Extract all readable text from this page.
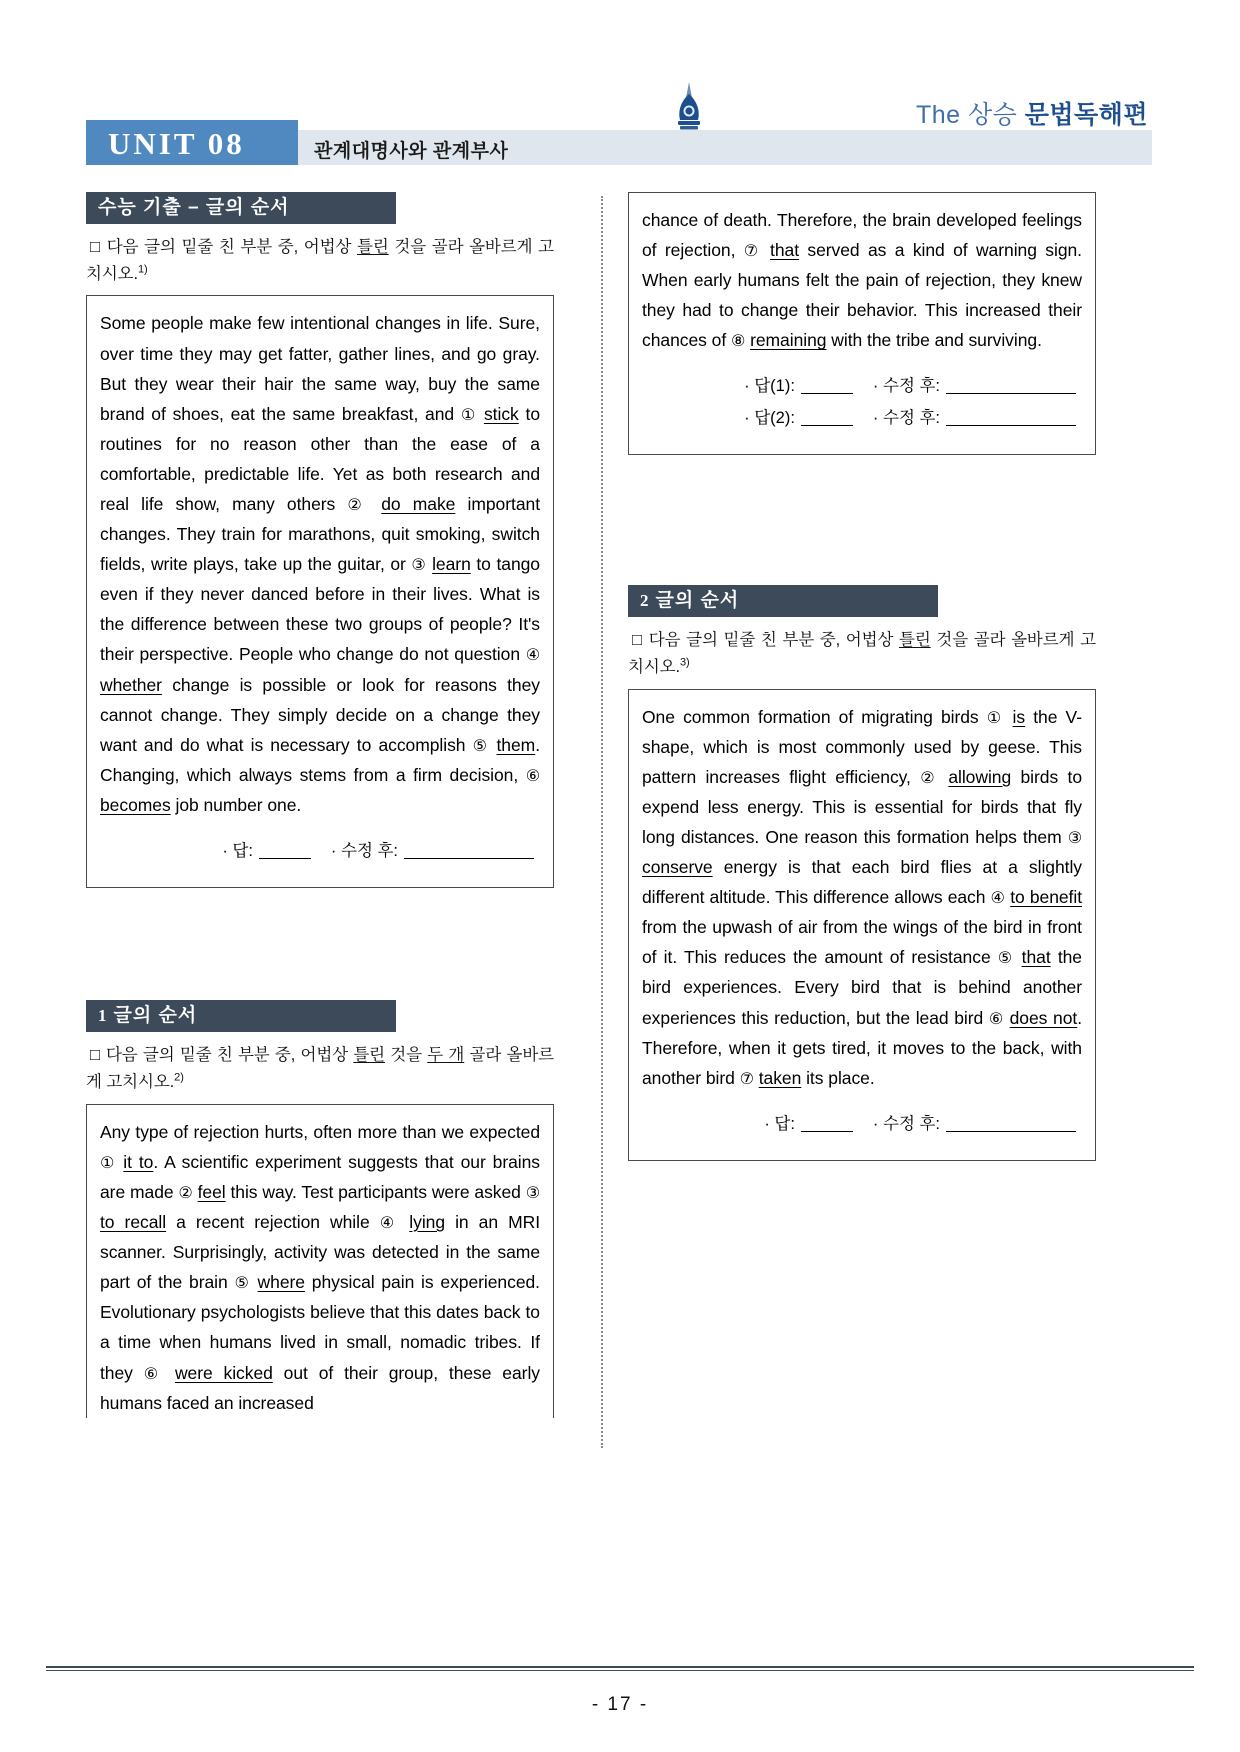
The 상승 문법독해편
UNIT 08	관계대명사와 관계부사
수능 기출 – 글의 순서
□ 다음 글의 밑줄 친 부분 중, 어법상 틀린 것을 골라 올바르게 고치시오.$^{1)}$
Some people make few intentional changes in life. Sure, over time they may get fatter, gather lines, and go gray. But they wear their hair the same way, buy the same brand of shoes, eat the same breakfast, and ① stick to routines for no reason other than the ease of a comfortable, predictable life. Yet as both research and real life show, many others ② do make important changes. They train for marathons, quit smoking, switch fields, write plays, take up the guitar, or ③ learn to tango even if they never danced before in their lives. What is the difference between these two groups of people? It's their perspective. People who change do not question ④ whether change is possible or look for reasons they cannot change. They simply decide on a change they want and do what is necessary to accomplish ⑤ them. Changing, which always stems from a firm decision, ⑥ becomes job number one.
· 답:	· 수정 후:
1 글의 순서
□ 다음 글의 밑줄 친 부분 중, 어법상 틀린 것을 두 개 골라 올바르게 고치시오.$^{2)}$
Any type of rejection hurts, often more than we expected ① it to. A scientific experiment suggests that our brains are made ② feel this way. Test participants were asked ③ to recall a recent rejection while ④ lying in an MRI scanner. Surprisingly, activity was detected in the same part of the brain ⑤ where physical pain is experienced. Evolutionary psychologists believe that this dates back to a time when humans lived in small, nomadic tribes. If they ⑥ were kicked out of their group, these early humans faced an increased
chance of death. Therefore, the brain developed feelings of rejection, ⑦ that served as a kind of warning sign. When early humans felt the pain of rejection, they knew they had to change their behavior. This increased their chances of ⑧ remaining with the tribe and surviving.
· 답(1):	· 수정 후:
· 답(2):	· 수정 후:
2 글의 순서
□ 다음 글의 밑줄 친 부분 중, 어법상 틀린 것을 골라 올바르게 고치시오.$^{3)}$
One common formation of migrating birds ① is the V-shape, which is most commonly used by geese. This pattern increases flight efficiency, ② allowing birds to expend less energy. This is essential for birds that fly long distances. One reason this formation helps them ③ conserve energy is that each bird flies at a slightly different altitude. This difference allows each ④ to benefit from the upwash of air from the wings of the bird in front of it. This reduces the amount of resistance ⑤ that the bird experiences. Every bird that is behind another experiences this reduction, but the lead bird ⑥ does not. Therefore, when it gets tired, it moves to the back, with another bird ⑦ taken its place.
· 답:	· 수정 후:
- 17 -
